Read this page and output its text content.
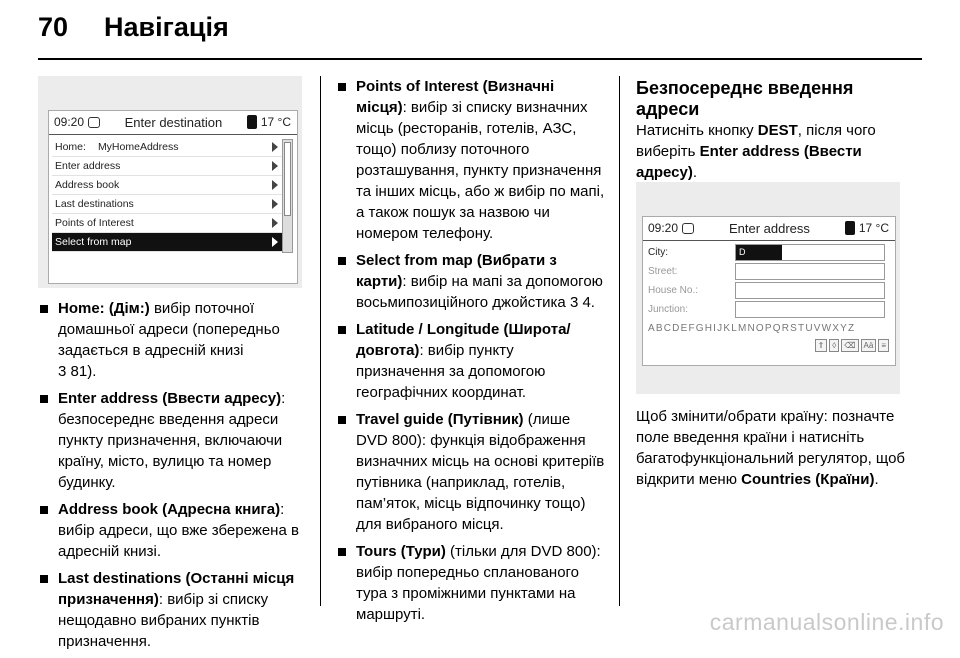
70 Навігація
09:20	Enter destination	17 °C
Home: MyHomeAddress
Enter address
Address book
Last destinations
Points of Interest
Select from map
Home: (Дім:) вибір поточної домашньої адреси (попередньо задається в адресній книзі
3 81).
Enter address (Ввести адресу): безпосереднє введення адреси пункту призначення, включаючи країну, місто, вулицю та номер будинку.
Address book (Адресна книга): вибір адреси, що вже збережена в адресній книзі.
Last destinations (Останні місця призначення): вибір зі списку нещодавно вибраних пунктів призначення.
Points of Interest (Визначні місця): вибір зі списку визначних місць (ресторанів, готелів, АЗС, тощо) поблизу поточного розташування, пункту призначення та інших місць, або ж вибір по мапі, а також пошук за назвою чи номером телефону.
Select from map (Вибрати з карти): вибір на мапі за допомогою восьмипозиційного джойстика 3 4.
Latitude / Longitude (Широта/довгота): вибір пункту призначення за допомогою географічних координат.
Travel guide (Путівник) (лише DVD 800): функція відображення визначних місць на основі критеріїв путівника (наприклад, готелів, пам’яток, місць відпочинку тощо) для вибраного місця.
Tours (Тури) (тільки для DVD 800): вибір попередньо спланованого тура з проміжними пунктами на маршруті.
Безпосереднє введення адреси

Натисніть кнопку DEST, після чого виберіть Enter address (Ввести адресу).

09:20	Enter address	17 °C
City:	D
Street:
House No.:
Junction:
ABCDEFGHIJKLMNOPQRSTUVWXYZ
⇑	◊	⌫	Aä	≡

Щоб змінити/обрати країну: позначте поле введення країни і натисніть багатофункціональний регулятор, щоб відкрити меню Countries (Країни).

carmanualsonline.info
